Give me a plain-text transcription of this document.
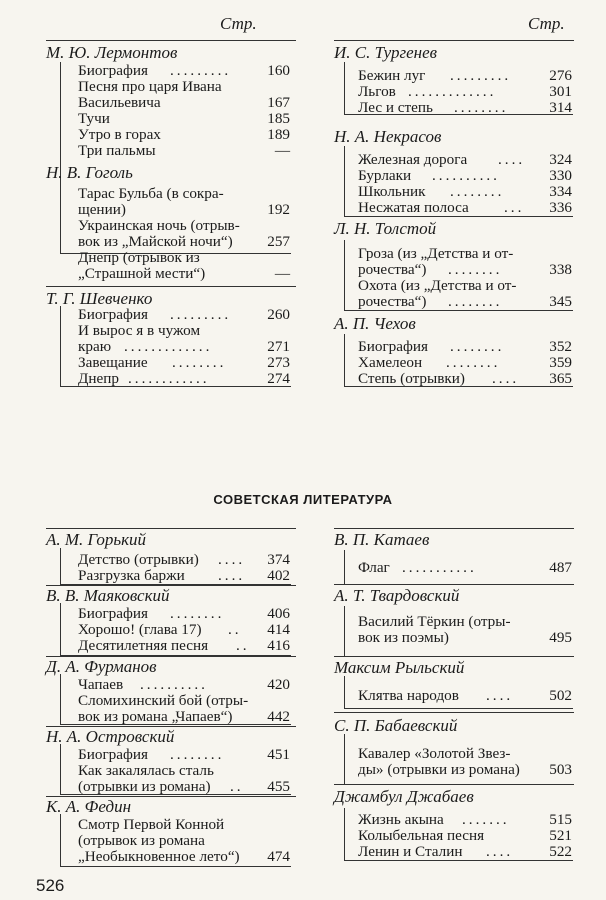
Стр.
М. Ю. Лермонтов
Биография .........	160
Песня про царя Ивана
Васильевича	167
Тучи	185
Утро в горах	189
Три пальмы	—
Н. В. Гоголь
Тарас Бульба (в сокра-
щении)	192
Украинская ночь (отрыв-
вок из „Майской ночи“) 257
Днепр (отрывок из
„Страшной мести“)	—
Т. Г. Шевченко
Биография .........	260
И вырос я в чужом
краю .............	271
Завещание ........	273
Днепр ............	274
Стр.
И. С. Тургенев
Бежин луг .........	276
Льгов .............	301
Лес и степь ........	314
Н. А. Некрасов
Железная дорога ....	324
Бурлаки ..........	330
Школьник ........	334
Несжатая полоса ...	336
Л. Н. Толстой
Гроза (из „Детства и от-
рочества“) ........	338
Охота (из „Детства и от-
рочества“) ........	345
А. П. Чехов
Биография ........	352
Хамелеон ........	359
Степь (отрывки) ....	365
СОВЕТСКАЯ ЛИТЕРАТУРА
А. М. Горький
Детство (отрывки) ....	374
Разгрузка баржи ....	402
В. В. Маяковский
Биография ........	406
Хорошо! (глава 17) ..	414
Десятилетняя песня ..	416
Д. А. Фурманов
Чапаев ..........	420
Сломихинский бой (отры-
вок из романа „Чапаев“) 442
Н. А. Островский
Биография ........	451
Как закалялась сталь
(отрывки из романа) ..	455
К. А. Федин
Смотр Первой Конной
(отрывок из романа
„Необыкновенное лето“) 474
В. П. Катаев
Флаг ...........	487
А. Т. Твардовский
Василий Тёркин (отры-
вок из поэмы)	495
Максим Рыльский
Клятва народов ....	502
С. П. Бабаевский
Кавалер «Золотой Звез-
ды» (отрывки из романа) 503
Джамбул Джабаев
Жизнь акына .......	515
Колыбельная песня	521
Ленин и Сталин ....	522
526
